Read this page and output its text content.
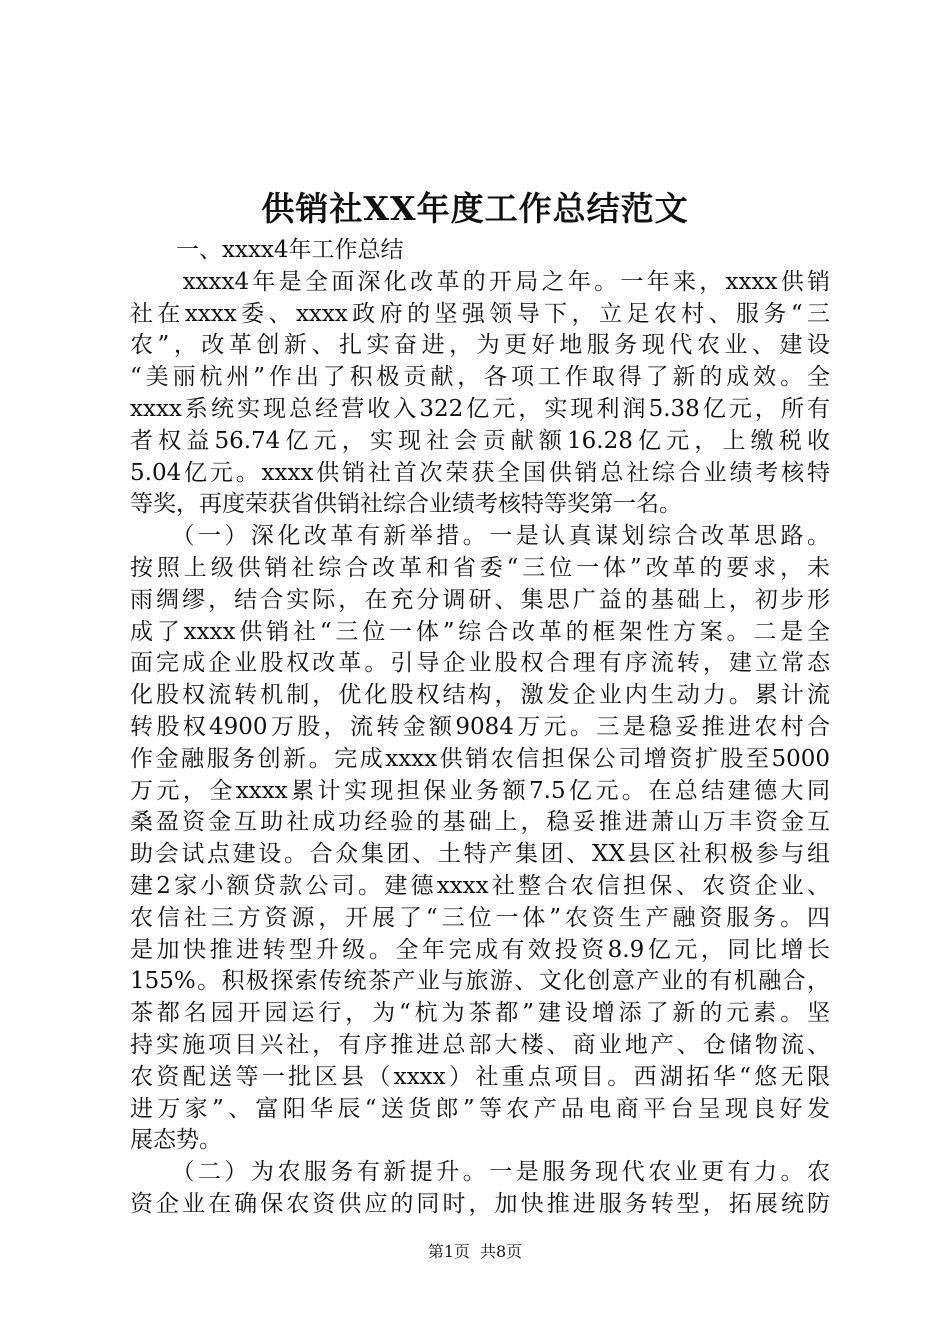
供销社XX年度工作总结范文
　　一、xxxx4年工作总结
　　xxxx4年是全面深化改革的开局之年。一年来，xxxx供销
社在xxxx委、xxxx政府的坚强领导下，立足农村、服务“三
农”，改革创新、扎实奋进，为更好地服务现代农业、建设
“美丽杭州”作出了积极贡献，各项工作取得了新的成效。全
xxxx系统实现总经营收入322亿元，实现利润5.38亿元，所有
者权益56.74亿元，实现社会贡献额16.28亿元，上缴税收
5.04亿元。xxxx供销社首次荣获全国供销总社综合业绩考核特
等奖，再度荣获省供销社综合业绩考核特等奖第一名。
　　（一）深化改革有新举措。一是认真谋划综合改革思路。
按照上级供销社综合改革和省委“三位一体”改革的要求，未
雨绸缪，结合实际，在充分调研、集思广益的基础上，初步形
成了xxxx供销社“三位一体”综合改革的框架性方案。二是全
面完成企业股权改革。引导企业股权合理有序流转，建立常态
化股权流转机制，优化股权结构，激发企业内生动力。累计流
转股权4900万股，流转金额9084万元。三是稳妥推进农村合
作金融服务创新。完成xxxx供销农信担保公司增资扩股至5000
万元，全xxxx累计实现担保业务额7.5亿元。在总结建德大同
桑盈资金互助社成功经验的基础上，稳妥推进萧山万丰资金互
助会试点建设。合众集团、土特产集团、XX县区社积极参与组
建2家小额贷款公司。建德xxxx社整合农信担保、农资企业、
农信社三方资源，开展了“三位一体”农资生产融资服务。四
是加快推进转型升级。全年完成有效投资8.9亿元，同比增长
155%。积极探索传统茶产业与旅游、文化创意产业的有机融合，
茶都名园开园运行，为“杭为茶都”建设增添了新的元素。坚
持实施项目兴社，有序推进总部大楼、商业地产、仓储物流、
农资配送等一批区县（xxxx）社重点项目。西湖拓华“悠无限
进万家”、富阳华辰“送货郎”等农产品电商平台呈现良好发
展态势。
　　（二）为农服务有新提升。一是服务现代农业更有力。农
资企业在确保农资供应的同时，加快推进服务转型，拓展统防
第1页 共8页
